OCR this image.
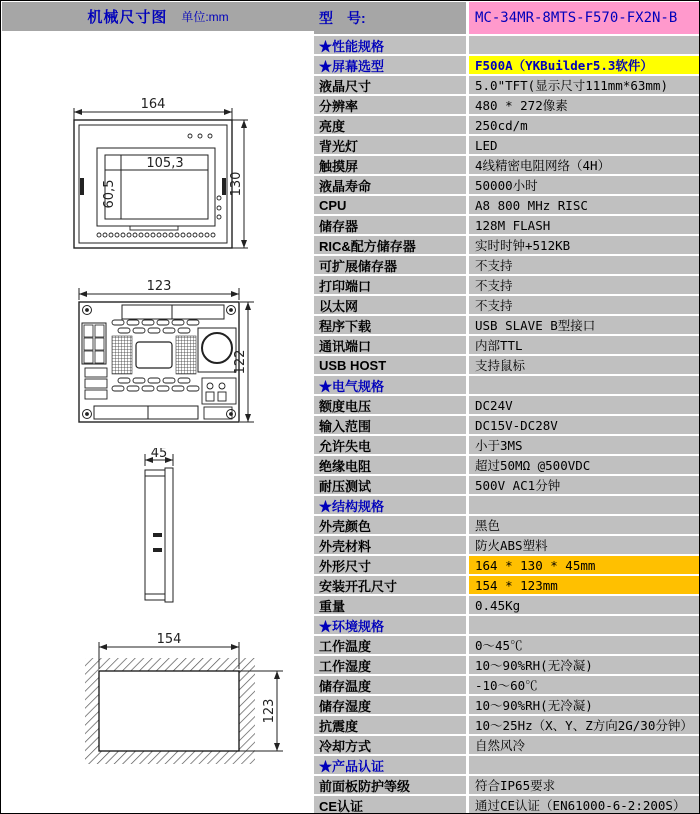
机械尺寸图 单位:mm
164
105,3
60,5	130
123
122
45
154
123
型　号:	MC-34MR-8MTS-F570-FX2N-B
★性能规格
★屏幕选型	F500A（YKBuilder5.3软件）
液晶尺寸	5.0"TFT(显示尺寸111mm*63mm)
分辨率	480 * 272像素
亮度	250cd/m
背光灯	LED
触摸屏	4线精密电阻网络（4H）
液晶寿命	50000小时
CPU	A8 800 MHz RISC
储存器	128M FLASH
RIC&配方储存器	实时时钟+512KB
可扩展储存器	不支持
打印端口	不支持
以太网	不支持
程序下载	USB SLAVE B型接口
通讯端口	内部TTL
USB HOST	支持鼠标
★电气规格
额度电压	DC24V
输入范围	DC15V-DC28V
允许失电	小于3MS
绝缘电阻	超过50MΩ @500VDC
耐压测试	500V AC1分钟
★结构规格
外壳颜色	黑色
外壳材料	防火ABS塑料
外形尺寸	164 * 130 * 45mm
安装开孔尺寸	154 * 123mm
重量	0.45Kg
★环境规格
工作温度	0～45℃
工作湿度	10～90%RH(无冷凝)
储存温度	-10～60℃
储存湿度	10～90%RH(无冷凝)
抗震度	10～25Hz（X、Y、Z方向2G/30分钟）
冷却方式	自然风冷
★产品认证
前面板防护等级	符合IP65要求
CE认证	通过CE认证（EN61000-6-2:200S）
